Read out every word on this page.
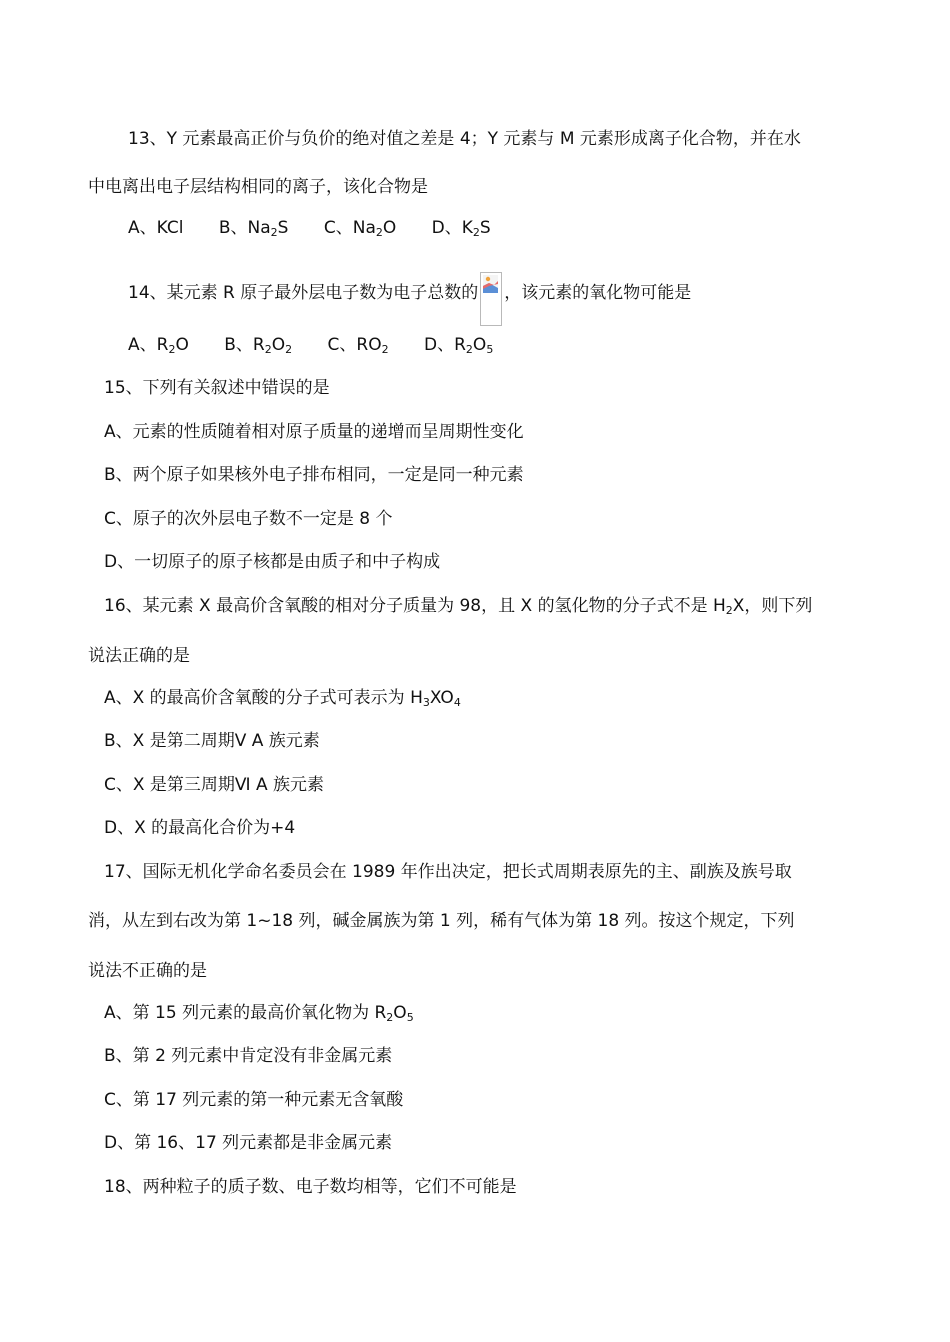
13、Y 元素最高正价与负价的绝对值之差是 4；Y 元素与 M 元素形成离子化合物，并在水
中电离出电子层结构相同的离子，该化合物是
A、KCl B、$Na_2S$ C、$Na_2O$ D、$K_2S$
14、某元素 R 原子最外层电子数为电子总数的 ，该元素的氧化物可能是
A、$R_2O$ B、$R_2O_2$ C、$RO_2$ D、$R_2O_5$
15、下列有关叙述中错误的是
A、元素的性质随着相对原子质量的递增而呈周期性变化
B、两个原子如果核外电子排布相同，一定是同一种元素
C、原子的次外层电子数不一定是 8 个
D、一切原子的原子核都是由质子和中子构成
16、某元素 X 最高价含氧酸的相对分子质量为 98，且 X 的氢化物的分子式不是 $H_2X$，则下列
说法正确的是
A、X 的最高价含氧酸的分子式可表示为 $H_3XO_4$
B、X 是第二周期Ⅴ A 族元素
C、X 是第三周期Ⅵ A 族元素
D、X 的最高化合价为+4
17、国际无机化学命名委员会在 1989 年作出决定，把长式周期表原先的主、副族及族号取
消，从左到右改为第 1~18 列，碱金属族为第 1 列，稀有气体为第 18 列。按这个规定，下列
说法不正确的是
A、第 15 列元素的最高价氧化物为 $R_2O_5$
B、第 2 列元素中肯定没有非金属元素
C、第 17 列元素的第一种元素无含氧酸
D、第 16、17 列元素都是非金属元素
18、两种粒子的质子数、电子数均相等，它们不可能是
